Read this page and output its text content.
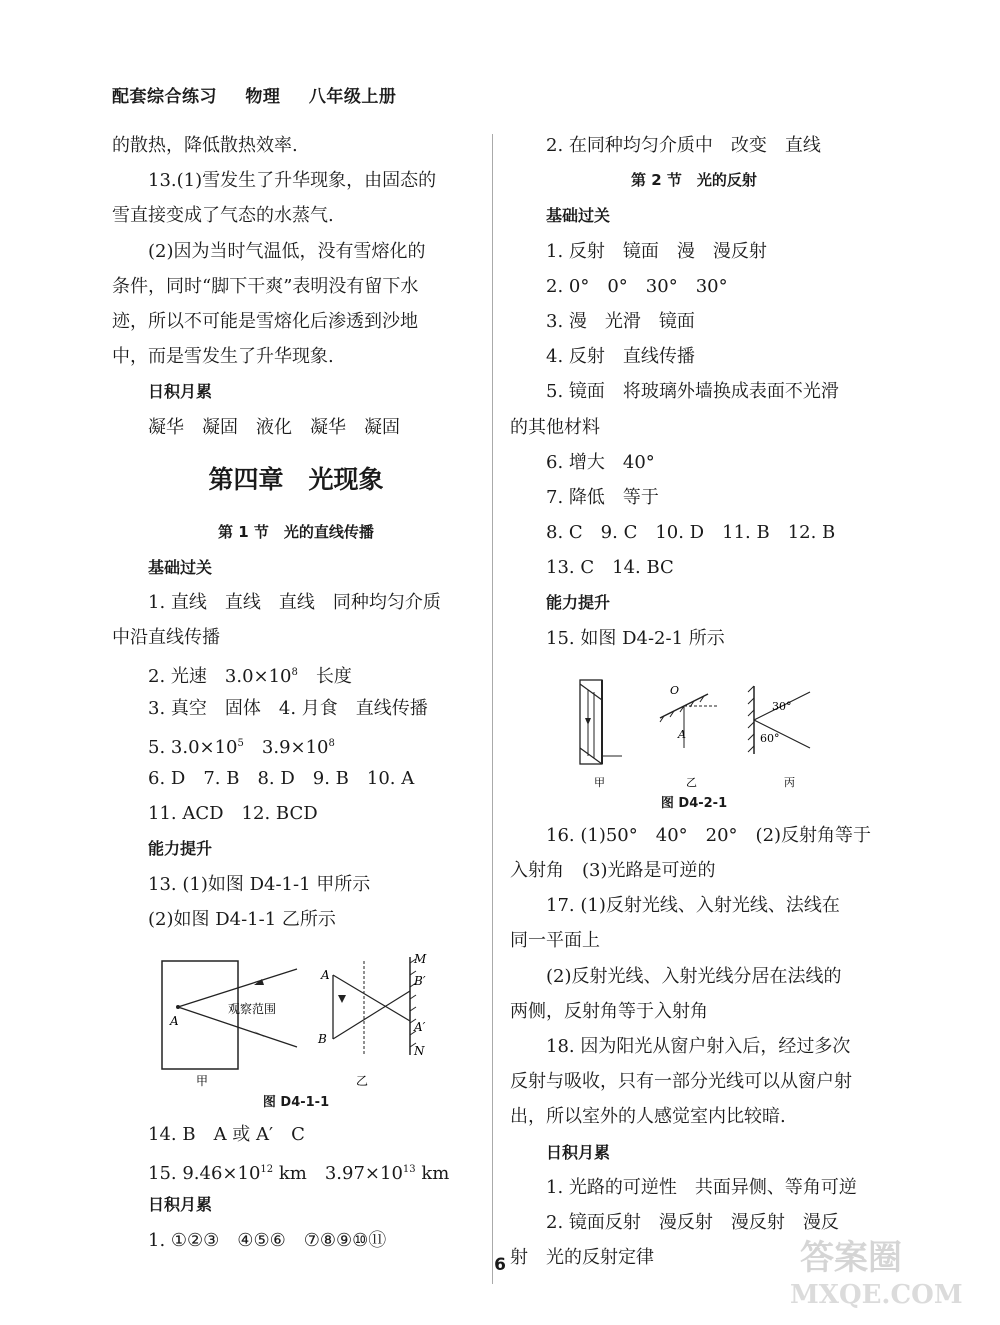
配套综合练习 物理 八年级上册
的散热，降低散热效率.
13.(1)雪发生了升华现象，由固态的
雪直接变成了气态的水蒸气.
(2)因为当时气温低，没有雪熔化的
条件，同时“脚下干爽”表明没有留下水
迹，所以不可能是雪熔化后渗透到沙地
中，而是雪发生了升华现象.
日积月累
凝华　凝固　液化　凝华　凝固
第四章　光现象
第 1 节　光的直线传播
基础过关
1. 直线　直线　直线　同种均匀介质
中沿直线传播
2. 光速　$3.0\times 10^8$　长度
3. 真空　固体　4. 月食　直线传播
5. $3.0\times 10^5$　$3.9\times 10^8$
6. D　7. B　8. D　9. B　10. A
11. ACD　12. BCD
能力提升
13. (1)如图 D4-1-1 甲所示
(2)如图 D4-1-1 乙所示
观察范围
A
甲
A
B
M
B′
A′
N
乙
图 D4-1-1
14. B　A 或 A′　C
15. $9.46\times 10^{12}$ km　$3.97\times 10^{13}$ km
日积月累
1. ①②③　④⑤⑥　⑦⑧⑨⑩⑪
2. 在同种均匀介质中　改变　直线
第 2 节　光的反射
基础过关
1. 反射　镜面　漫　漫反射
2. 0°　0°　30°　30°
3. 漫　光滑　镜面
4. 反射　直线传播
5. 镜面　将玻璃外墙换成表面不光滑
的其他材料
6. 增大　40°
7. 降低　等于
8. C　9. C　10. D　11. B　12. B
13. C　14. BC
能力提升
15. 如图 D4-2-1 所示
甲
O
A
乙
30°
60°
丙
图 D4-2-1
16. (1)50°　40°　20°　(2)反射角等于
入射角　(3)光路是可逆的
17. (1)反射光线、入射光线、法线在
同一平面上
(2)反射光线、入射光线分居在法线的
两侧，反射角等于入射角
18. 因为阳光从窗户射入后，经过多次
反射与吸收，只有一部分光线可以从窗户射
出，所以室外的人感觉室内比较暗.
日积月累
1. 光路的可逆性　共面异侧、等角可逆
2. 镜面反射　漫反射　漫反射　漫反
射　光的反射定律
6	答案圈
MXQE.COM
